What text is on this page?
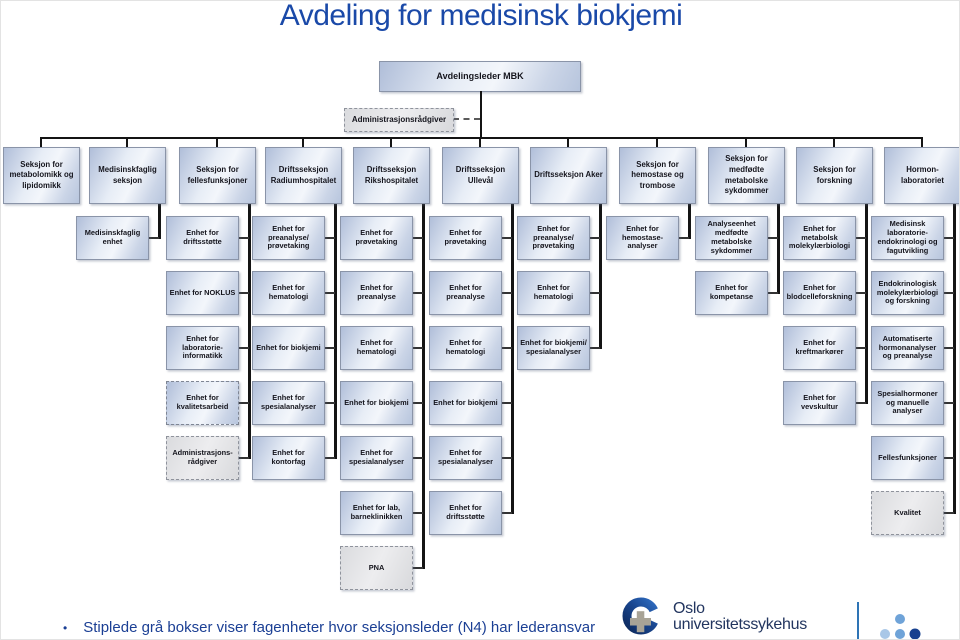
Avdeling for medisinsk biokjemi
Avdelingsleder MBK
Administrasjonsrådgiver
Seksjon for metabolomikk og lipidomikk
Medisinskfaglig seksjon
Medisinskfaglig enhet
Seksjon for fellesfunksjoner
Enhet for driftsstøtte
Enhet for NOKLUS
Enhet for laboratorie-informatikk
Enhet for kvalitetsarbeid
Administrasjons-rådgiver
Driftsseksjon Radiumhospitalet
Enhet for preanalyse/ prøvetaking
Enhet for hematologi
Enhet for biokjemi
Enhet for spesialanalyser
Enhet for kontorfag
Driftsseksjon Rikshospitalet
Enhet for prøvetaking
Enhet for preanalyse
Enhet for hematologi
Enhet for biokjemi
Enhet for spesialanalyser
Enhet for lab, barneklinikken
PNA
Driftsseksjon Ullevål
Enhet for prøvetaking
Enhet for preanalyse
Enhet for hematologi
Enhet for biokjemi
Enhet for spesialanalyser
Enhet for driftsstøtte
Driftsseksjon Aker
Enhet for preanalyse/ prøvetaking
Enhet for hematologi
Enhet for biokjemi/ spesialanalyser
Seksjon for hemostase og trombose
Enhet for hemostase- analyser
Seksjon for medfødte metabolske sykdommer
Analyseenhet medfødte metabolske sykdommer
Enhet for kompetanse
Seksjon for forskning
Enhet for metabolsk molekylærbiologi
Enhet for blodcelleforskning
Enhet for kreftmarkører
Enhet for vevskultur
Hormon- laboratoriet
Medisinsk laboratorie- endokrinologi og fagutvikling
Endokrinologisk molekylærbiologi og forskning
Automatiserte hormonanalyser og preanalyse
Spesialhormoner og manuelle analyser
Fellesfunksjoner
Kvalitet
• Stiplede grå bokser viser fagenheter hvor seksjonsleder (N4) har lederansvar
Oslo
universitetssykehus
